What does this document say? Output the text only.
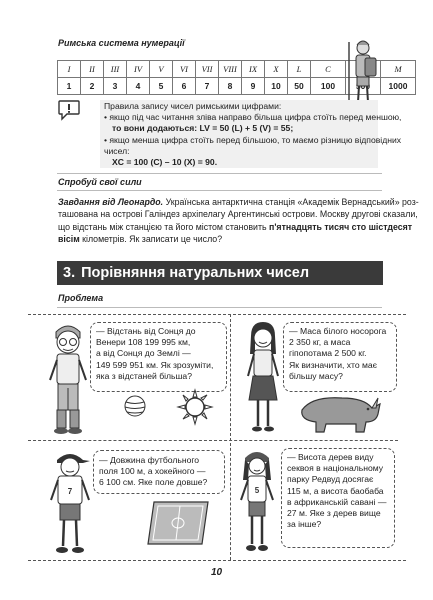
Римська система нумерації
I	II	III	IV	V	VI	VII	VIII	IX	X	L	C		M
1	2	3	4	5	6	7	8	9	10	50	100		1000

Правила запису чисел римськими цифрами:

• якщо під час читання зліва направо більша цифра стоїть перед меншою,

то вони додаються: LV = 50 (L) + 5 (V) = 55;

• якщо менша цифра стоїть перед більшою, то маємо різницю відповідних чисел:

XC = 100 (C) – 10 (X) = 90.

Спробуй свої сили
Завдання від Леонардо. Українська антарктична станція «Академік Вернадський» роз-
ташована на острові Галіндез архіпелагу Аргентинські острови. Москву другові сказали,
що відстань між станцією та його містом становить п'ятнадцять тисяч сто шістдесят
вісім кілометрів. Як записати це число?
3. Порівняння натуральних чисел
Проблема
— Відстань від Сонця до
Венери 108 199 995 км,
а від Сонця до Землі —
149 599 951 км. Як зрозуміти,
яка з відстаней більша?
— Маса білого носорога
2 350 кг, а маса
гіпопотама 2 500 кг.
Як визначити, хто має
більшу масу?
7
— Довжина футбольного
поля 100 м, а хокейного —
6 100 см. Яке поле довше?
5
— Висота дерев виду
секвоя в національному
парку Редвуд досягає
115 м, а висота баобаба
в африканській савані —
27 м. Яке з дерев вище
за інше?
10
